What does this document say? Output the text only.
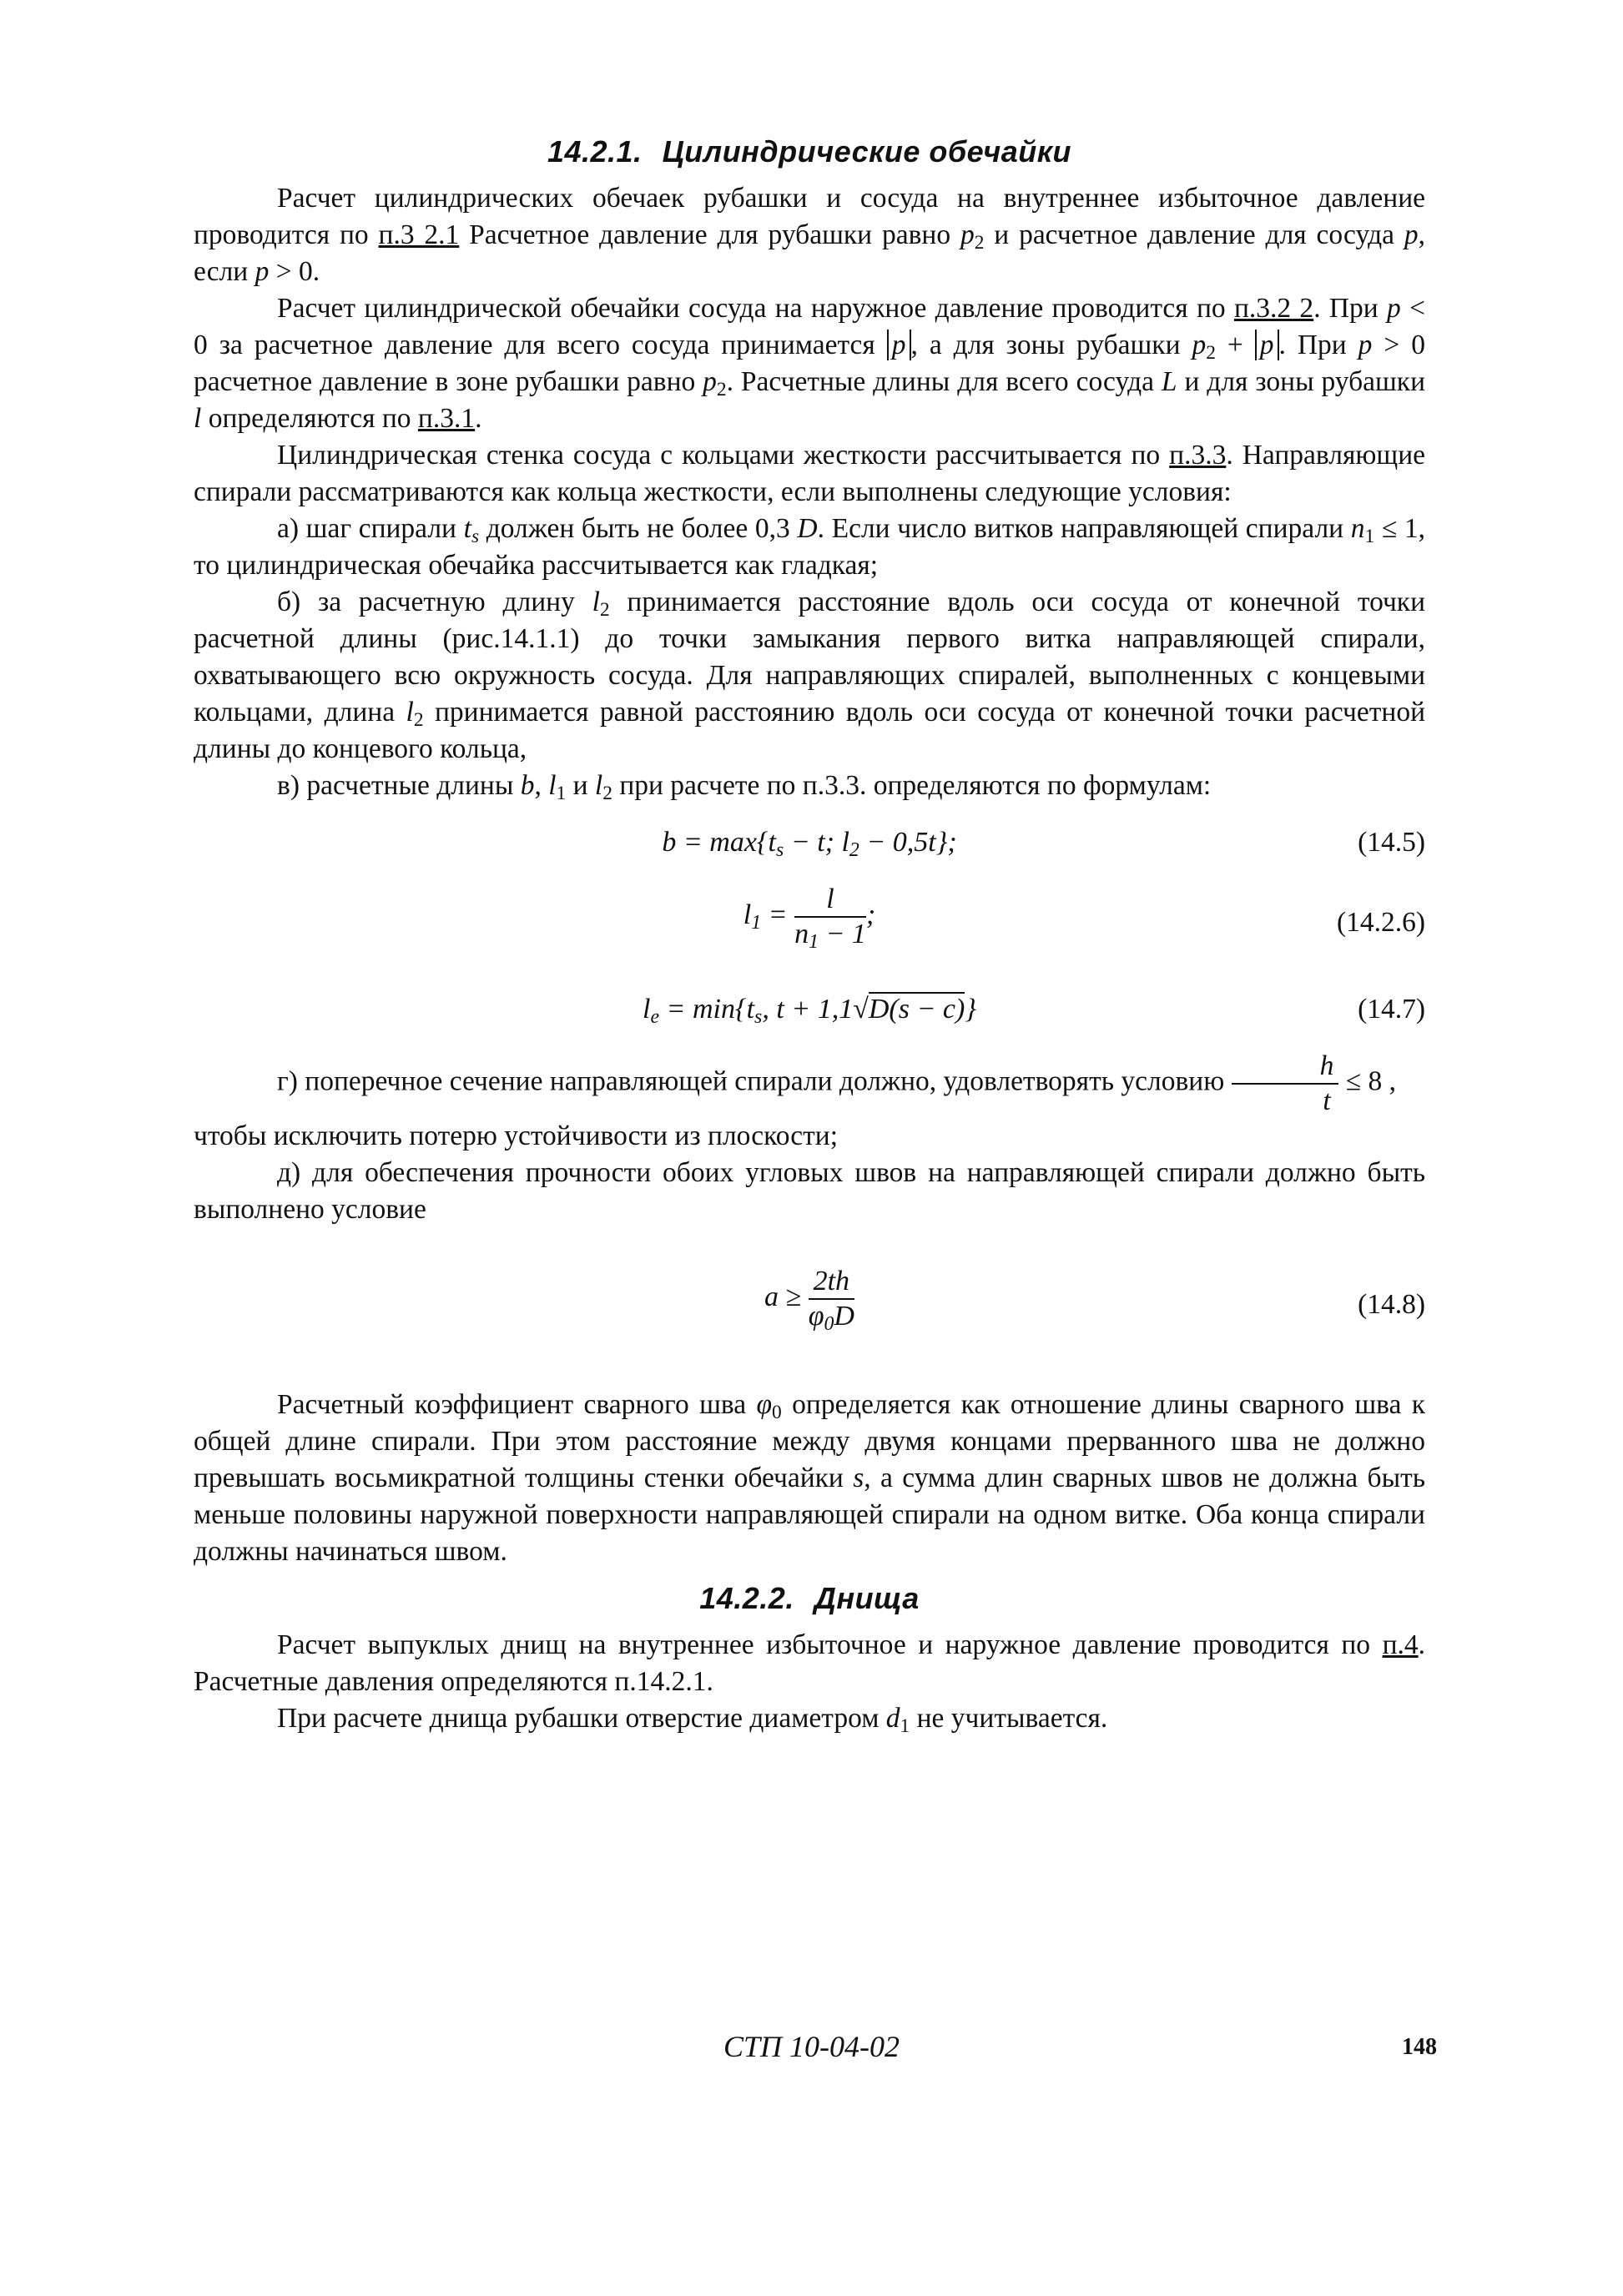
14.2.1. Цилиндрические обечайки

Расчет цилиндрических обечаек рубашки и сосуда на внутреннее избыточное давление проводится по п.3 2.1 Расчетное давление для рубашки равно $p_2$ и расчетное давление для сосуда p, если p > 0.

Расчет цилиндрической обечайки сосуда на наружное давление проводится по п.3.2 2. При p < 0 за расчетное давление для всего сосуда принимается p , а для зоны рубашки $p_2 + p$ . При p > 0 расчетное давление в зоне рубашки равно $p_2$. Расчетные длины для всего сосуда L и для зоны рубашки l определяются по п.3.1.

Цилиндрическая стенка сосуда с кольцами жесткости рассчитывается по п.3.3. Направляющие спирали рассматриваются как кольца жесткости, если выполнены следующие условия:

а) шаг спирали $t_s$ должен быть не более 0,3 D. Если число витков направляющей спирали $n_1 \le 1$, то цилиндрическая обечайка рассчитывается как гладкая;

б) за расчетную длину $l_2$ принимается расстояние вдоль оси сосуда от конечной точки расчетной длины (рис.14.1.1) до точки замыкания первого витка направляющей спирали, охватывающего всю окружность сосуда. Для направляющих спиралей, выполненных с концевыми кольцами, длина $l_2$ принимается равной расстоянию вдоль оси сосуда от конечной точки расчетной длины до концевого кольца,

в) расчетные длины b, $l_1$ и $l_2$ при расчете по п.3.3. определяются по формулам:

$b = \max\{t_s - t$; $l_2 - 0,5t$};	(14.5)
$l_1 = \frac{l}{n_1 - 1}$ ;	(14.2.6)
$l_e = \min\{t_s$, t + 1,1√D(s − c)}	(14.7)

г) поперечное сечение направляющей спирали должно, удовлетворять условию $\frac{h}{t} \le 8$ ,

чтобы исключить потерю устойчивости из плоскости;

д) для обеспечения прочности обоих угловых швов на направляющей спирали должно быть выполнено условие

$a \ge \frac{2th}{\varphi_0D}$	(14.8)

Расчетный коэффициент сварного шва $\varphi_0$ определяется как отношение длины сварного шва к общей длине спирали. При этом расстояние между двумя концами прерванного шва не должно превышать восьмикратной толщины стенки обечайки s, а сумма длин сварных швов не должна быть меньше половины наружной поверхности направляющей спирали на одном витке. Оба конца спирали должны начинаться швом.

14.2.2. Днища

Расчет выпуклых днищ на внутреннее избыточное и наружное давление проводится по п.4. Расчетные давления определяются п.14.2.1.

При расчете днища рубашки отверстие диаметром $d_1$ не учитывается.

СТП 10-04-02	148
